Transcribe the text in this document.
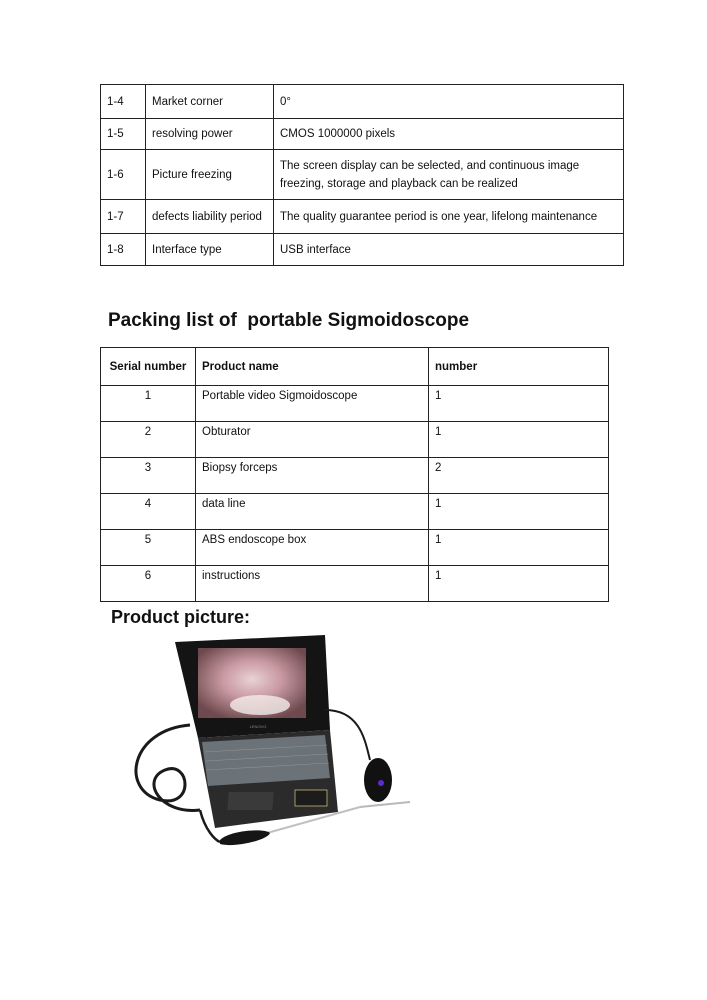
1-4	Market corner	0°
1-5	resolving power	CMOS 1000000 pixels
1-6	Picture freezing	The screen display can be selected, and continuous image freezing, storage and playback can be realized
1-7	defects liability period	The quality guarantee period is one year, lifelong maintenance
1-8	Interface type	USB interface
Packing list of  portable Sigmoidoscope
Serial number	Product name	number
1	Portable video Sigmoidoscope	1
2	Obturator	1
3	Biopsy forceps	2
4	data line	1
5	ABS endoscope box	1
6	instructions	1
Product picture:
LENOVO
